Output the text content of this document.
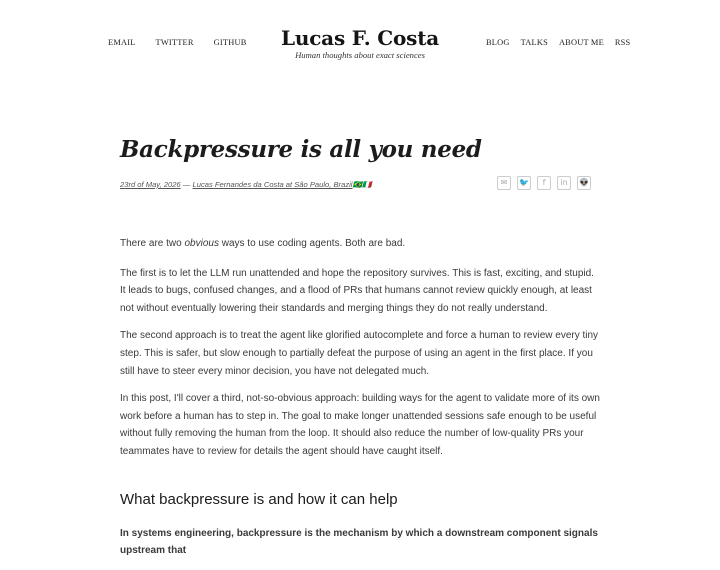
EMAIL TWITTER GITHUB	Lucas F. Costa
Human thoughts about exact sciences
BLOG TALKS ABOUT ME RSS
Backpressure is all you need
23rd of May, 2026 — Lucas Fernandes da Costa at São Paulo, Brazil🇧🇷🇮🇹	✉	🐦	f	in	👽

There are two obvious ways to use coding agents. Both are bad.

The first is to let the LLM run unattended and hope the repository survives. This is fast, exciting, and stupid. It leads to bugs, confused changes, and a flood of PRs that humans cannot review quickly enough, at least not without eventually lowering their standards and merging things they do not really understand.

The second approach is to treat the agent like glorified autocomplete and force a human to review every tiny step. This is safer, but slow enough to partially defeat the purpose of using an agent in the first place. If you still have to steer every minor decision, you have not delegated much.

In this post, I'll cover a third, not-so-obvious approach: building ways for the agent to validate more of its own work before a human has to step in. The goal to make longer unattended sessions safe enough to be useful without fully removing the human from the loop. It should also reduce the number of low-quality PRs your teammates have to review for details the agent should have caught itself.

What backpressure is and how it can help

In systems engineering, backpressure is the mechanism by which a downstream component signals upstream that
